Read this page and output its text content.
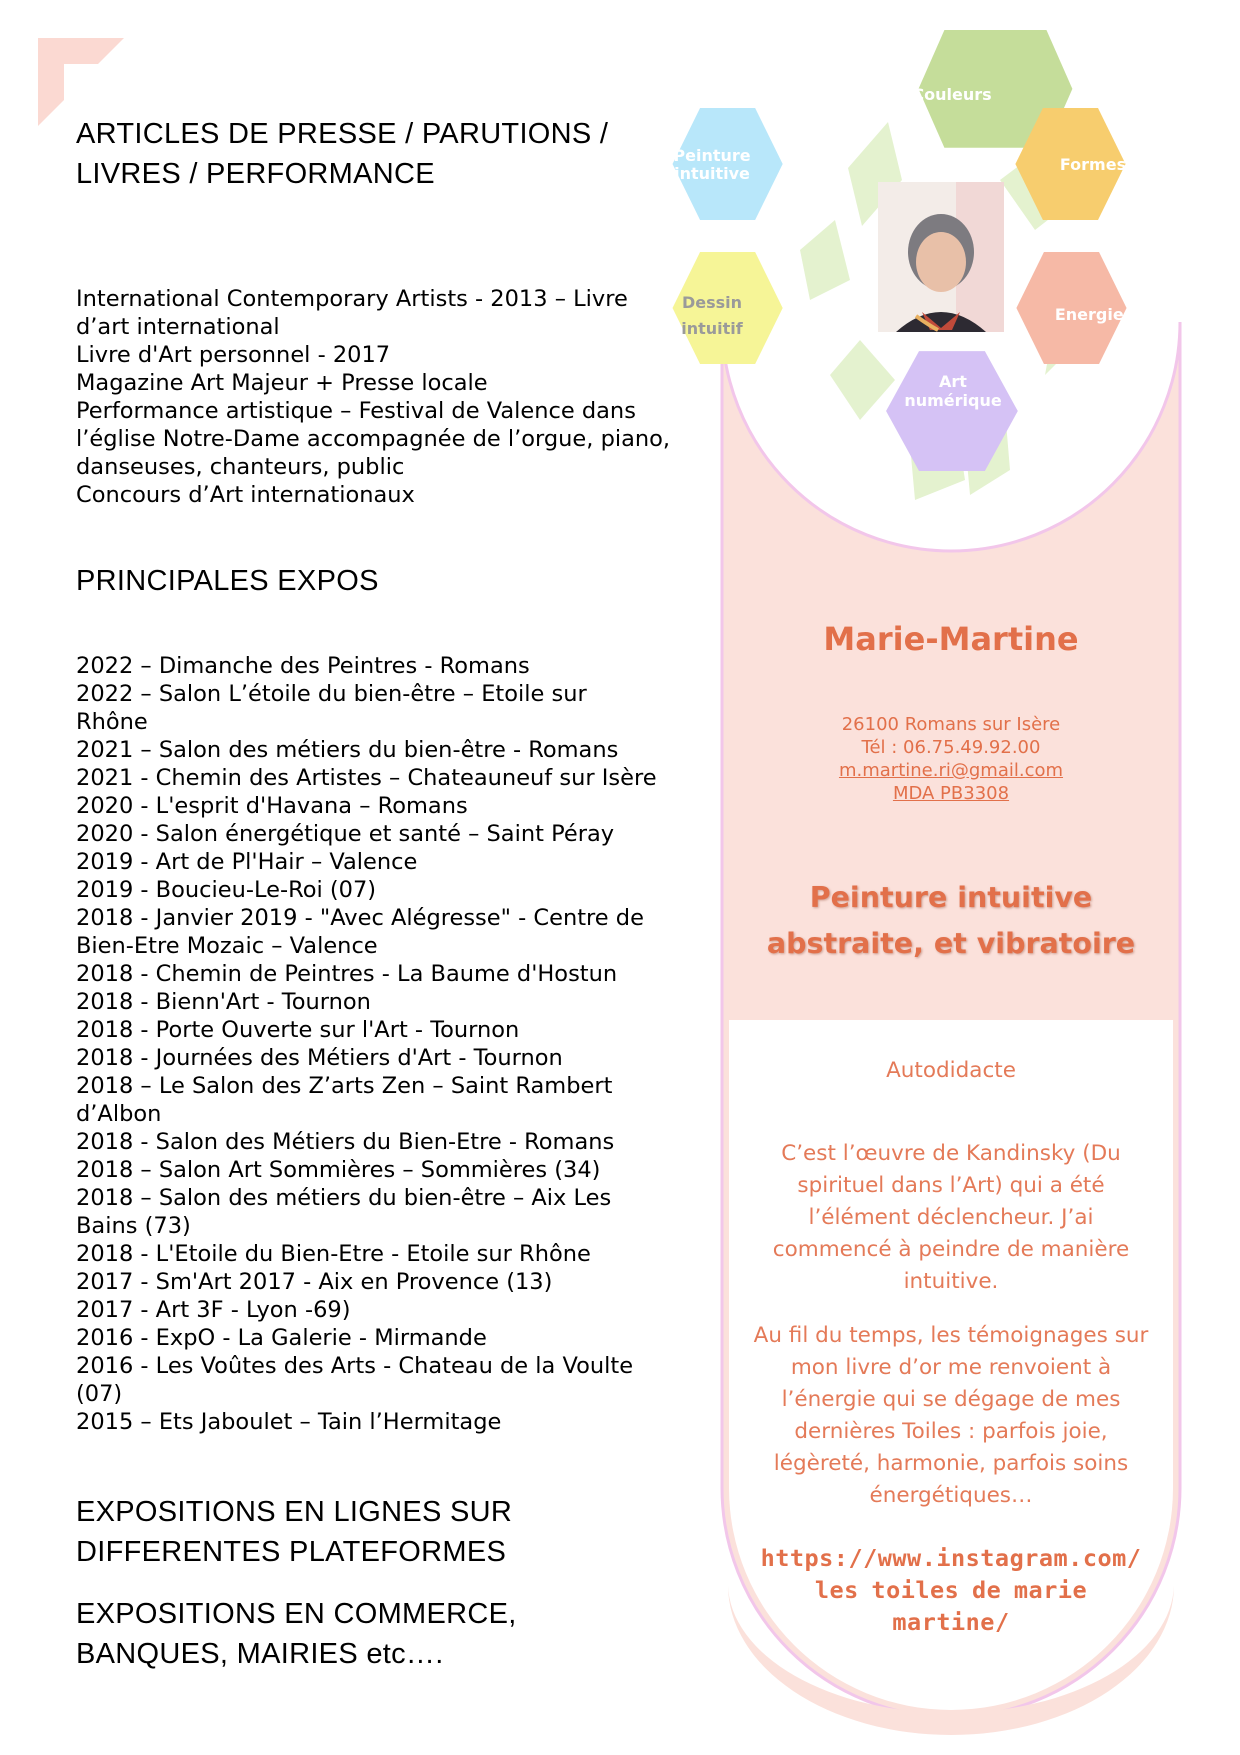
ARTICLES DE PRESSE / PARUTIONS /
LIVRES / PERFORMANCE
International Contemporary Artists - 2013 – Livre
d’art international
Livre d'Art personnel - 2017
Magazine Art Majeur + Presse locale
Performance artistique – Festival de Valence dans
l’église Notre-Dame accompagnée de l’orgue, piano,
danseuses, chanteurs, public
Concours d’Art internationaux
PRINCIPALES EXPOS
2022 – Dimanche des Peintres - Romans
2022 – Salon L’étoile du bien-être – Etoile sur
Rhône
2021 – Salon des métiers du bien-être - Romans
2021 - Chemin des Artistes – Chateauneuf sur Isère
2020 - L'esprit d'Havana – Romans
2020 - Salon énergétique et santé – Saint Péray
2019 - Art de Pl'Hair – Valence
2019 - Boucieu-Le-Roi (07)
2018 - Janvier 2019 - "Avec Alégresse" - Centre de
Bien-Etre Mozaic – Valence
2018 - Chemin de Peintres - La Baume d'Hostun
2018 - Bienn'Art - Tournon
2018 - Porte Ouverte sur l'Art - Tournon
2018 - Journées des Métiers d'Art - Tournon
2018 – Le Salon des Z’arts Zen – Saint Rambert
d’Albon
2018 - Salon des Métiers du Bien-Etre - Romans
2018 – Salon Art Sommières – Sommières (34)
2018 – Salon des métiers du bien-être – Aix Les
Bains (73)
2018 - L'Etoile du Bien-Etre - Etoile sur Rhône
2017 - Sm'Art 2017 - Aix en Provence (13)
2017 - Art 3F - Lyon -69)
2016 - ExpO - La Galerie - Mirmande
2016 - Les Voûtes des Arts - Chateau de la Voulte
(07)
2015 – Ets Jaboulet – Tain l’Hermitage
EXPOSITIONS EN LIGNES SUR
DIFFERENTES PLATEFORMES
EXPOSITIONS EN COMMERCE,
BANQUES, MAIRIES etc….
Couleurs
Formes
Energies
Art
numérique
Dessin
intuitif
Peinture
intuitive
Marie-Martine
26100 Romans sur Isère
Tél : 06.75.49.92.00
m.martine.ri@gmail.com
MDA PB3308
Peinture intuitive
abstraite, et vibratoire
Autodidacte

C’est l’œuvre de Kandinsky (Du spirituel dans l’Art) qui a été l’élément déclencheur. J’ai commencé à peindre de manière intuitive.

Au fil du temps, les témoignages sur mon livre d’or me renvoient à l’énergie qui se dégage de mes dernières Toiles : parfois joie, légèreté, harmonie, parfois soins énergétiques…

https://www.instagram.com/
les toiles de marie martine/
